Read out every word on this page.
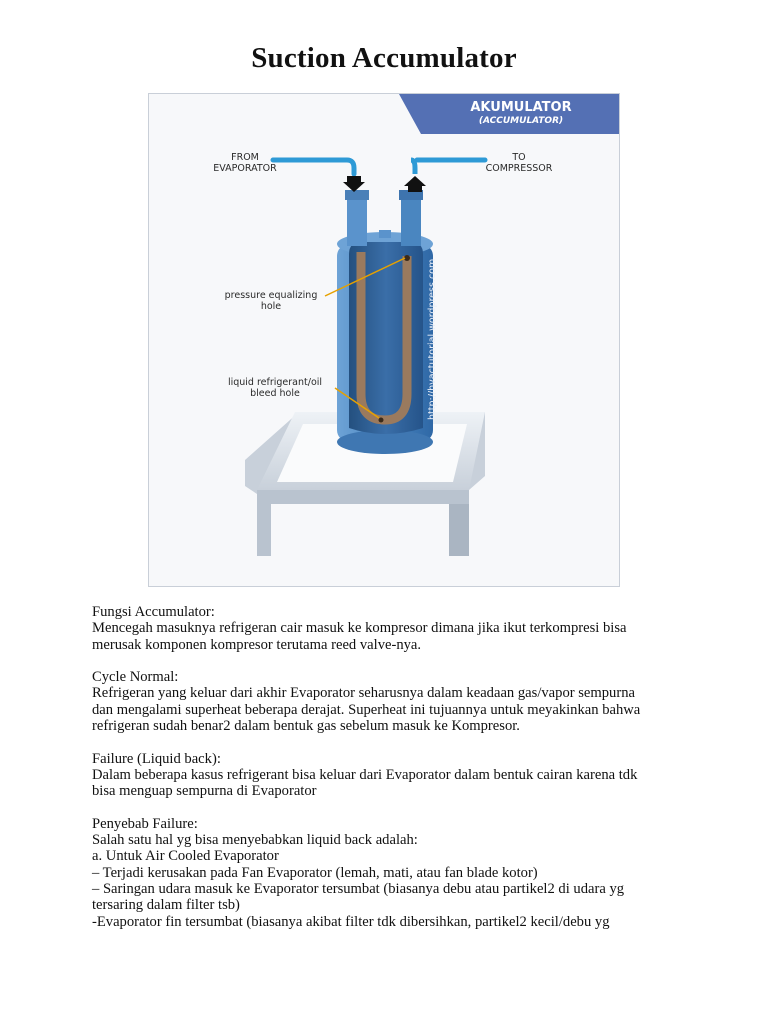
Suction Accumulator
AKUMULATOR
(ACCUMULATOR)
FROM
EVAPORATOR
TO
COMPRESSOR
pressure equalizing
hole
liquid refrigerant/oil
bleed hole	http://hvactutorial.wordpress.com

Fungsi Accumulator:

Mencegah masuknya refrigeran cair masuk ke kompresor dimana jika ikut terkompresi bisa

merusak komponen kompresor terutama reed valve-nya.

Cycle Normal:

Refrigeran yang keluar dari akhir Evaporator seharusnya dalam keadaan gas/vapor sempurna

dan mengalami superheat beberapa derajat. Superheat ini tujuannya untuk meyakinkan bahwa

refrigeran sudah benar2 dalam bentuk gas sebelum masuk ke Kompresor.

Failure (Liquid back):

Dalam beberapa kasus refrigerant bisa keluar dari Evaporator dalam bentuk cairan karena tdk

bisa menguap sempurna di Evaporator

Penyebab Failure:

Salah satu hal yg bisa menyebabkan liquid back adalah:

a. Untuk Air Cooled Evaporator

– Terjadi kerusakan pada Fan Evaporator (lemah, mati, atau fan blade kotor)

– Saringan udara masuk ke Evaporator tersumbat (biasanya debu atau partikel2 di udara yg

tersaring dalam filter tsb)

-Evaporator fin tersumbat (biasanya akibat filter tdk dibersihkan, partikel2 kecil/debu yg
